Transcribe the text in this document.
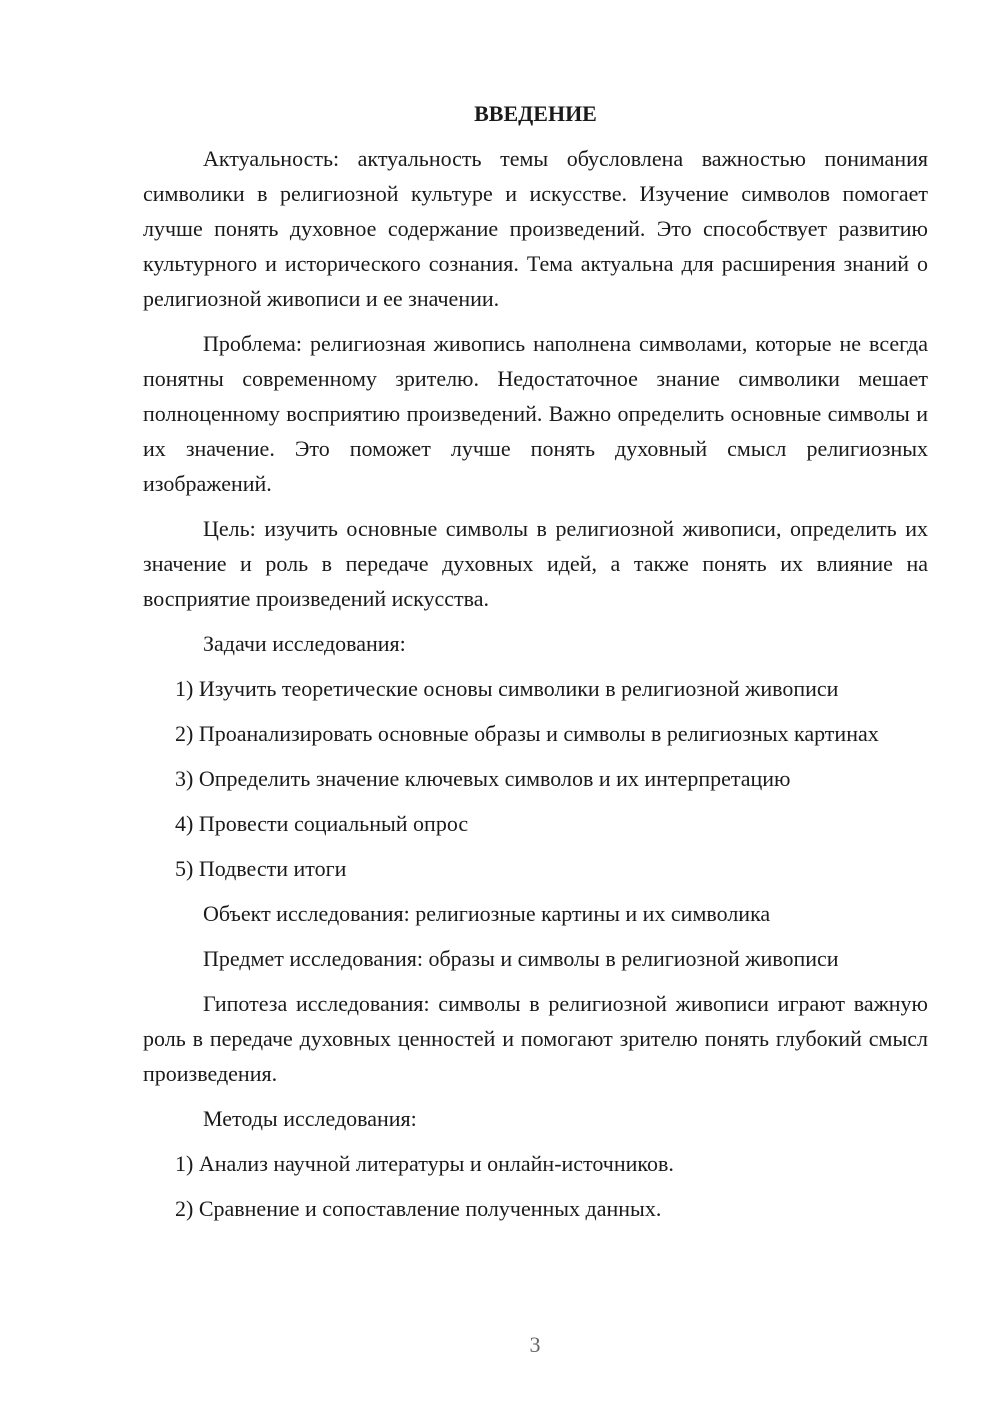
ВВЕДЕНИЕ

Актуальность: актуальность темы обусловлена важностью понимания символики в религиозной культуре и искусстве. Изучение символов помогает лучше понять духовное содержание произведений. Это способствует развитию культурного и исторического сознания. Тема актуальна для расширения знаний о религиозной живописи и ее значении.

Проблема: религиозная живопись наполнена символами, которые не всегда понятны современному зрителю. Недостаточное знание символики мешает полноценному восприятию произведений. Важно определить основные символы и их значение. Это поможет лучше понять духовный смысл религиозных изображений.

Цель: изучить основные символы в религиозной живописи, определить их значение и роль в передаче духовных идей, а также понять их влияние на восприятие произведений искусства.

Задачи исследования:

1) Изучить теоретические основы символики в религиозной живописи

2) Проанализировать основные образы и символы в религиозных картинах

3) Определить значение ключевых символов и их интерпретацию

4) Провести социальный опрос

5) Подвести итоги

Объект исследования: религиозные картины и их символика

Предмет исследования: образы и символы в религиозной живописи

Гипотеза исследования: символы в религиозной живописи играют важную роль в передаче духовных ценностей и помогают зрителю понять глубокий смысл произведения.

Методы исследования:

1) Анализ научной литературы и онлайн-источников.

2) Сравнение и сопоставление полученных данных.

3
